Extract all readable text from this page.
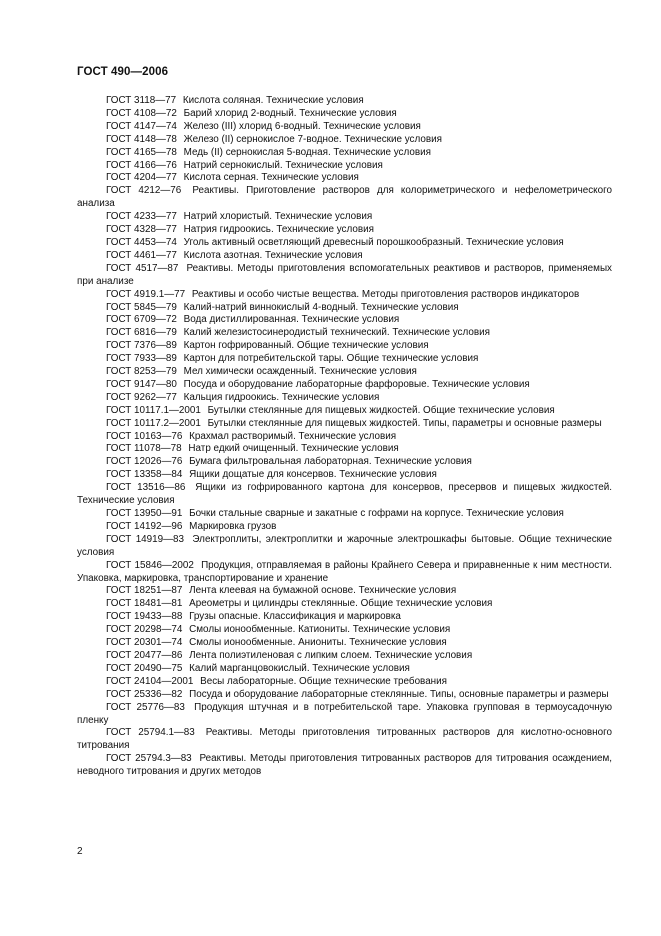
ГОСТ 490—2006
ГОСТ 3118—77 Кислота соляная. Технические условия
ГОСТ 4108—72 Барий хлорид 2-водный. Технические условия
ГОСТ 4147—74 Железо (III) хлорид 6-водный. Технические условия
ГОСТ 4148—78 Железо (II) сернокислое 7-водное. Технические условия
ГОСТ 4165—78 Медь (II) сернокислая 5-водная. Технические условия
ГОСТ 4166—76 Натрий сернокислый. Технические условия
ГОСТ 4204—77 Кислота серная. Технические условия
ГОСТ 4212—76 Реактивы. Приготовление растворов для колориметрического и нефелометрического анализа
ГОСТ 4233—77 Натрий хлористый. Технические условия
ГОСТ 4328—77 Натрия гидроокись. Технические условия
ГОСТ 4453—74 Уголь активный осветляющий древесный порошкообразный. Технические условия
ГОСТ 4461—77 Кислота азотная. Технические условия
ГОСТ 4517—87 Реактивы. Методы приготовления вспомогательных реактивов и растворов, применяемых при анализе
ГОСТ 4919.1—77 Реактивы и особо чистые вещества. Методы приготовления растворов индикаторов
ГОСТ 5845—79 Калий-натрий виннокислый 4-водный. Технические условия
ГОСТ 6709—72 Вода дистиллированная. Технические условия
ГОСТ 6816—79 Калий железистосинеродистый технический. Технические условия
ГОСТ 7376—89 Картон гофрированный. Общие технические условия
ГОСТ 7933—89 Картон для потребительской тары. Общие технические условия
ГОСТ 8253—79 Мел химически осажденный. Технические условия
ГОСТ 9147—80 Посуда и оборудование лабораторные фарфоровые. Технические условия
ГОСТ 9262—77 Кальция гидроокись. Технические условия
ГОСТ 10117.1—2001 Бутылки стеклянные для пищевых жидкостей. Общие технические условия
ГОСТ 10117.2—2001 Бутылки стеклянные для пищевых жидкостей. Типы, параметры и основные размеры
ГОСТ 10163—76 Крахмал растворимый. Технические условия
ГОСТ 11078—78 Натр едкий очищенный. Технические условия
ГОСТ 12026—76 Бумага фильтровальная лабораторная. Технические условия
ГОСТ 13358—84 Ящики дощатые для консервов. Технические условия
ГОСТ 13516—86 Ящики из гофрированного картона для консервов, пресервов и пищевых жидкостей. Технические условия
ГОСТ 13950—91 Бочки стальные сварные и закатные с гофрами на корпусе. Технические условия
ГОСТ 14192—96 Маркировка грузов
ГОСТ 14919—83 Электроплиты, электроплитки и жарочные электрошкафы бытовые. Общие технические условия
ГОСТ 15846—2002 Продукция, отправляемая в районы Крайнего Севера и приравненные к ним местности. Упаковка, маркировка, транспортирование и хранение
ГОСТ 18251—87 Лента клеевая на бумажной основе. Технические условия
ГОСТ 18481—81 Ареометры и цилиндры стеклянные. Общие технические условия
ГОСТ 19433—88 Грузы опасные. Классификация и маркировка
ГОСТ 20298—74 Смолы ионообменные. Катиониты. Технические условия
ГОСТ 20301—74 Смолы ионообменные. Аниониты. Технические условия
ГОСТ 20477—86 Лента полиэтиленовая с липким слоем. Технические условия
ГОСТ 20490—75 Калий марганцовокислый. Технические условия
ГОСТ 24104—2001 Весы лабораторные. Общие технические требования
ГОСТ 25336—82 Посуда и оборудование лабораторные стеклянные. Типы, основные параметры и размеры
ГОСТ 25776—83 Продукция штучная и в потребительской таре. Упаковка групповая в термоусадочную пленку
ГОСТ 25794.1—83 Реактивы. Методы приготовления титрованных растворов для кислотно-основного титрования
ГОСТ 25794.3—83 Реактивы. Методы приготовления титрованных растворов для титрования осаждением, неводного титрования и других методов
2
